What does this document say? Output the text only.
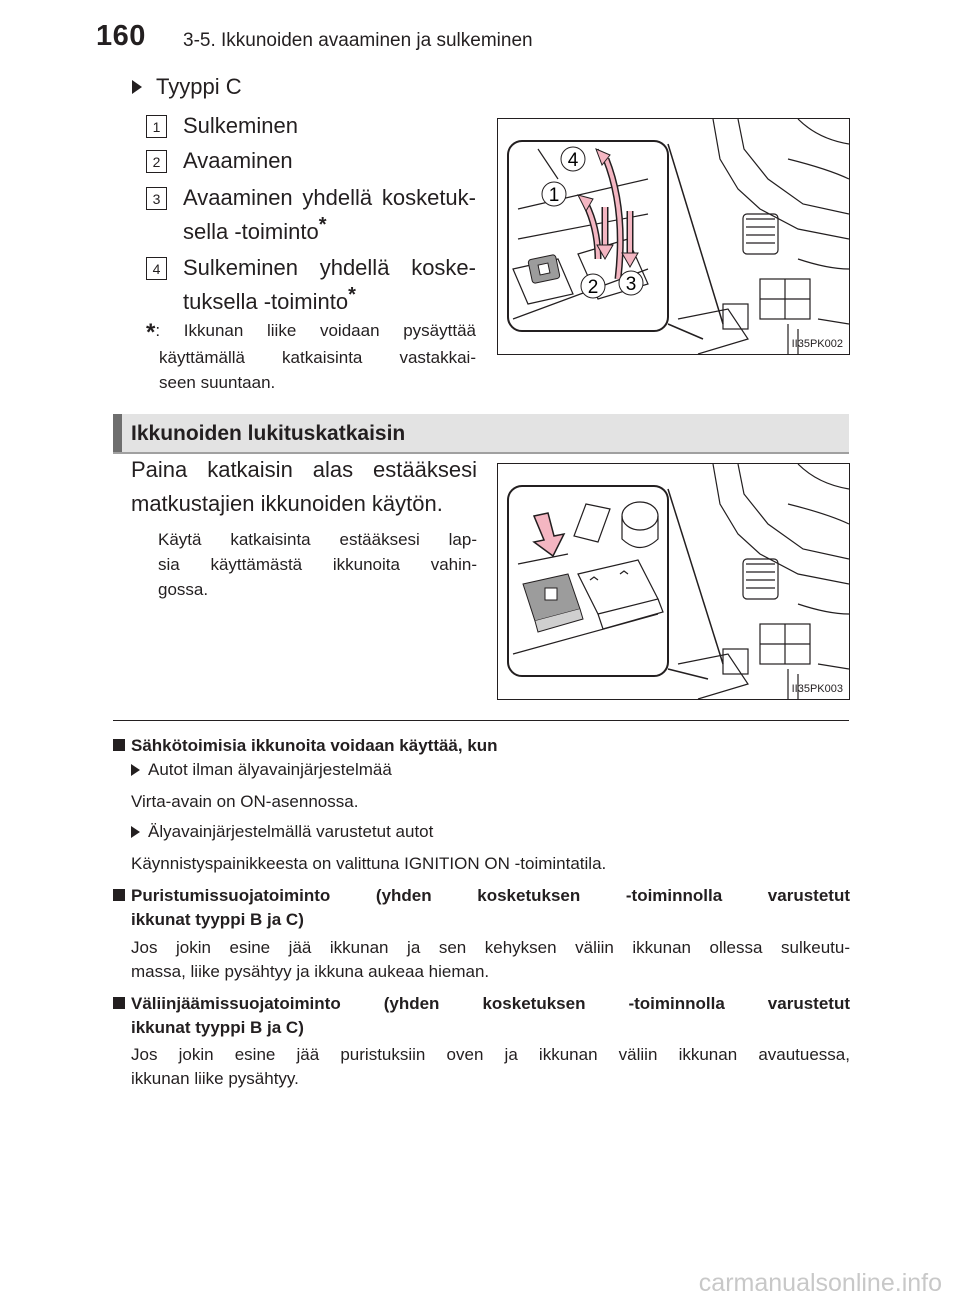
160 3-5. Ikkunoiden avaaminen ja sulkeminen
Tyyppi C
1	Sulkeminen
2	Avaaminen
3	Avaaminen yhdellä kosketuk-
sella -toiminto*
4	Sulkeminen yhdellä koske-
tuksella -toiminto*
*: Ikkunan liike voidaan pysäyttää
käyttämällä katkaisinta vastakkai-
seen suuntaan.
4
1
2 3
II35PK002
Ikkunoiden lukituskatkaisin
Paina katkaisin alas estääksesi
matkustajien ikkunoiden käytön.
Käytä katkaisinta estääksesi lap-
sia käyttämästä ikkunoita vahin-
gossa.
II35PK003
Sähkötoimisia ikkunoita voidaan käyttää, kun
Autot ilman älyavainjärjestelmää
Virta-avain on ON-asennossa.
Älyavainjärjestelmällä varustetut autot
Käynnistyspainikkeesta on valittuna IGNITION ON -toimintatila.
Puristumissuojatoiminto (yhden kosketuksen -toiminnolla varustetut
ikkunat tyyppi B ja C)
Jos jokin esine jää ikkunan ja sen kehyksen väliin ikkunan ollessa sulkeutu-
massa, liike pysähtyy ja ikkuna aukeaa hieman.
Väliinjäämissuojatoiminto (yhden kosketuksen -toiminnolla varustetut
ikkunat tyyppi B ja C)
Jos jokin esine jää puristuksiin oven ja ikkunan väliin ikkunan avautuessa,
ikkunan liike pysähtyy.
carmanualsonline.info
